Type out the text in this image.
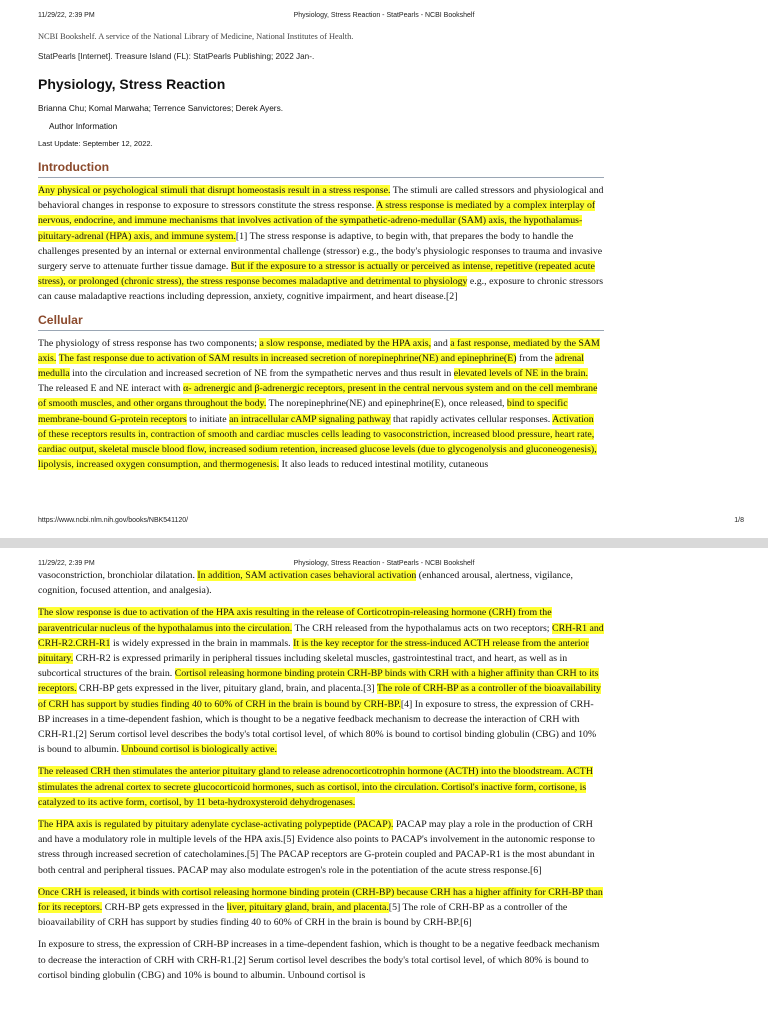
11/29/22, 2:39 PM	Physiology, Stress Reaction - StatPearls - NCBI Bookshelf
NCBI Bookshelf. A service of the National Library of Medicine, National Institutes of Health.
StatPearls [Internet]. Treasure Island (FL): StatPearls Publishing; 2022 Jan-.
Physiology, Stress Reaction
Brianna Chu; Komal Marwaha; Terrence Sanvictores; Derek Ayers.
Author Information
Last Update: September 12, 2022.
Introduction

Any physical or psychological stimuli that disrupt homeostasis result in a stress response. The stimuli are called stressors and physiological and behavioral changes in response to exposure to stressors constitute the stress response. A stress response is mediated by a complex interplay of nervous, endocrine, and immune mechanisms that involves activation of the sympathetic-adreno-medullar (SAM) axis, the hypothalamus-pituitary-adrenal (HPA) axis, and immune system.[1] The stress response is adaptive, to begin with, that prepares the body to handle the challenges presented by an internal or external environmental challenge (stressor) e.g., the body's physiologic responses to trauma and invasive surgery serve to attenuate further tissue damage. But if the exposure to a stressor is actually or perceived as intense, repetitive (repeated acute stress), or prolonged (chronic stress), the stress response becomes maladaptive and detrimental to physiology e.g., exposure to chronic stressors can cause maladaptive reactions including depression, anxiety, cognitive impairment, and heart disease.[2]

Cellular

The physiology of stress response has two components; a slow response, mediated by the HPA axis, and a fast response, mediated by the SAM axis. The fast response due to activation of SAM results in increased secretion of norepinephrine(NE) and epinephrine(E) from the adrenal medulla into the circulation and increased secretion of NE from the sympathetic nerves and thus result in elevated levels of NE in the brain. The released E and NE interact with α- adrenergic and β-adrenergic receptors, present in the central nervous system and on the cell membrane of smooth muscles, and other organs throughout the body. The norepinephrine(NE) and epinephrine(E), once released, bind to specific membrane-bound G-protein receptors to initiate an intracellular cAMP signaling pathway that rapidly activates cellular responses. Activation of these receptors results in, contraction of smooth and cardiac muscles cells leading to vasoconstriction, increased blood pressure, heart rate, cardiac output, skeletal muscle blood flow, increased sodium retention, increased glucose levels (due to glycogenolysis and gluconeogenesis), lipolysis, increased oxygen consumption, and thermogenesis. It also leads to reduced intestinal motility, cutaneous

https://www.ncbi.nlm.nih.gov/books/NBK541120/	1/8
11/29/22, 2:39 PM	Physiology, Stress Reaction - StatPearls - NCBI Bookshelf

vasoconstriction, bronchiolar dilatation. In addition, SAM activation cases behavioral activation (enhanced arousal, alertness, vigilance, cognition, focused attention, and analgesia).

The slow response is due to activation of the HPA axis resulting in the release of Corticotropin-releasing hormone (CRH) from the paraventricular nucleus of the hypothalamus into the circulation. The CRH released from the hypothalamus acts on two receptors; CRH-R1 and CRH-R2.CRH-R1 is widely expressed in the brain in mammals. It is the key receptor for the stress-induced ACTH release from the anterior pituitary. CRH-R2 is expressed primarily in peripheral tissues including skeletal muscles, gastrointestinal tract, and heart, as well as in subcortical structures of the brain. Cortisol releasing hormone binding protein CRH-BP binds with CRH with a higher affinity than CRH to its receptors. CRH-BP gets expressed in the liver, pituitary gland, brain, and placenta.[3] The role of CRH-BP as a controller of the bioavailability of CRH has support by studies finding 40 to 60% of CRH in the brain is bound by CRH-BP.[4] In exposure to stress, the expression of CRH-BP increases in a time-dependent fashion, which is thought to be a negative feedback mechanism to decrease the interaction of CRH with CRH-R1.[2] Serum cortisol level describes the body's total cortisol level, of which 80% is bound to cortisol binding globulin (CBG) and 10% is bound to albumin. Unbound cortisol is biologically active.

The released CRH then stimulates the anterior pituitary gland to release adrenocorticotrophin hormone (ACTH) into the bloodstream. ACTH stimulates the adrenal cortex to secrete glucocorticoid hormones, such as cortisol, into the circulation. Cortisol's inactive form, cortisone, is catalyzed to its active form, cortisol, by 11 beta-hydroxysteroid dehydrogenases.

The HPA axis is regulated by pituitary adenylate cyclase-activating polypeptide (PACAP). PACAP may play a role in the production of CRH and have a modulatory role in multiple levels of the HPA axis.[5] Evidence also points to PACAP's involvement in the autonomic response to stress through increased secretion of catecholamines.[5] The PACAP receptors are G-protein coupled and PACAP-R1 is the most abundant in both central and peripheral tissues. PACAP may also modulate estrogen's role in the potentiation of the acute stress response.[6]

Once CRH is released, it binds with cortisol releasing hormone binding protein (CRH-BP) because CRH has a higher affinity for CRH-BP than for its receptors. CRH-BP gets expressed in the liver, pituitary gland, brain, and placenta.[5] The role of CRH-BP as a controller of the bioavailability of CRH has support by studies finding 40 to 60% of CRH in the brain is bound by CRH-BP.[6]

In exposure to stress, the expression of CRH-BP increases in a time-dependent fashion, which is thought to be a negative feedback mechanism to decrease the interaction of CRH with CRH-R1.[2] Serum cortisol level describes the body's total cortisol level, of which 80% is bound to cortisol binding globulin (CBG) and 10% is bound to albumin. Unbound cortisol is
